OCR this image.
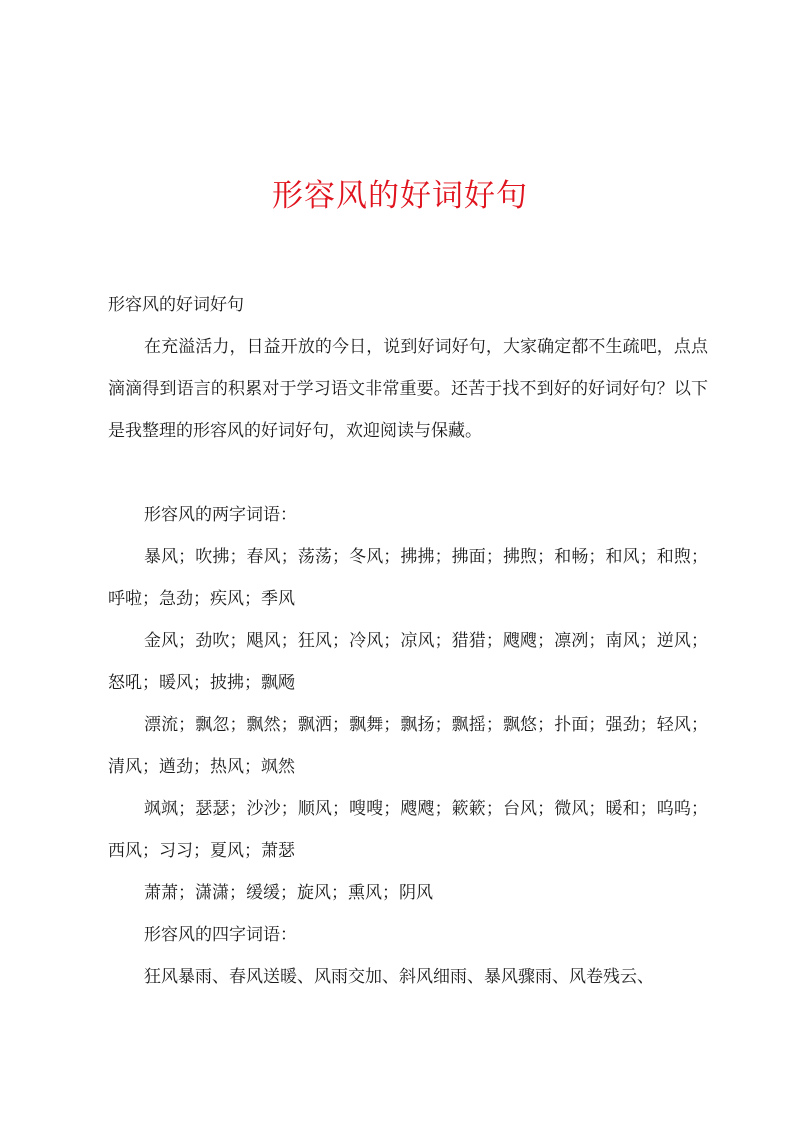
形容风的好词好句

形容风的好词好句

在充溢活力，日益开放的今日，说到好词好句，大家确定都不生疏吧，点点滴滴得到语言的积累对于学习语文非常重要。还苦于找不到好的好词好句？以下是我整理的形容风的好词好句，欢迎阅读与保藏。

形容风的两字词语：

暴风；吹拂；春风；荡荡；冬风；拂拂；拂面；拂煦；和畅；和风；和煦；呼啦；急劲；疾风；季风

金风；劲吹；飓风；狂风；冷风；凉风；猎猎；飕飕；凛冽；南风；逆风；怒吼；暖风；披拂；飘飏

漂流；飘忽；飘然；飘洒；飘舞；飘扬；飘摇；飘悠；扑面；强劲；轻风；清风；遒劲；热风；飒然

飒飒；瑟瑟；沙沙；顺风；嗖嗖；飕飕；簌簌；台风；微风；暖和；呜呜；西风；习习；夏风；萧瑟

萧萧；潇潇；缓缓；旋风；熏风；阴风

形容风的四字词语：

狂风暴雨、春风送暖、风雨交加、斜风细雨、暴风骤雨、风卷残云、
